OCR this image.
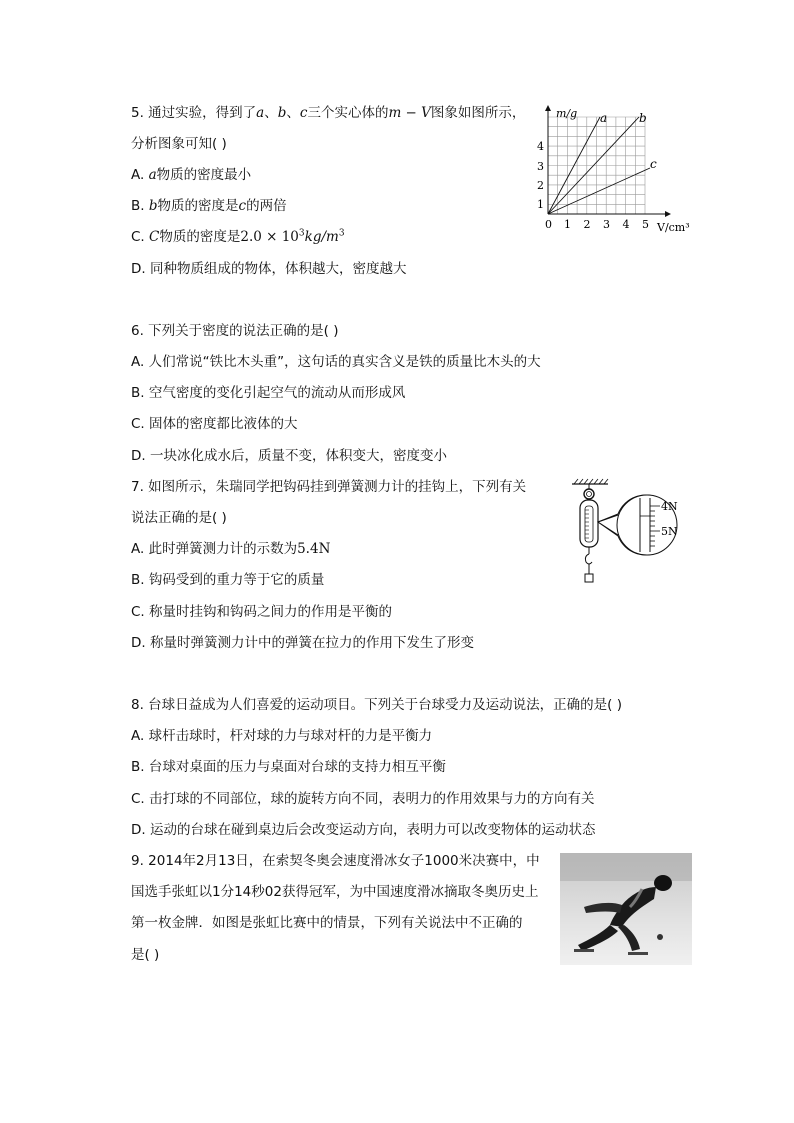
5. 通过实验，得到了a、b、c三个实心体的m − V图象如图所示，
分析图象可知( )
A. a物质的密度最小
B. b物质的密度是c的两倍
C. C物质的密度是$2.0 \times 10^3kg/m^3$
D. 同种物质组成的物体，体积越大，密度越大
m/g a	b
c
1
2
3
4
0 1 2 3 4 5 V/cm³
6. 下列关于密度的说法正确的是( )
A. 人们常说“铁比木头重”，这句话的真实含义是铁的质量比木头的大
B. 空气密度的变化引起空气的流动从而形成风
C. 固体的密度都比液体的大
D. 一块冰化成水后，质量不变，体积变大，密度变小
7. 如图所示，朱瑞同学把钩码挂到弹簧测力计的挂钩上，下列有关
说法正确的是( )
A. 此时弹簧测力计的示数为5.4N
B. 钩码受到的重力等于它的质量
C. 称量时挂钩和钩码之间力的作用是平衡的
D. 称量时弹簧测力计中的弹簧在拉力的作用下发生了形变
4N
5N
8. 台球日益成为人们喜爱的运动项目。下列关于台球受力及运动说法，正确的是( )
A. 球杆击球时，杆对球的力与球对杆的力是平衡力
B. 台球对桌面的压力与桌面对台球的支持力相互平衡
C. 击打球的不同部位，球的旋转方向不同，表明力的作用效果与力的方向有关
D. 运动的台球在碰到桌边后会改变运动方向，表明力可以改变物体的运动状态
9. 2014年2月13日，在索契冬奥会速度滑冰女子1000米决赛中，中
国选手张虹以1分14秒02获得冠军，为中国速度滑冰摘取冬奥历史上
第一枚金牌．如图是张虹比赛中的情景，下列有关说法中不正确的
是( )
